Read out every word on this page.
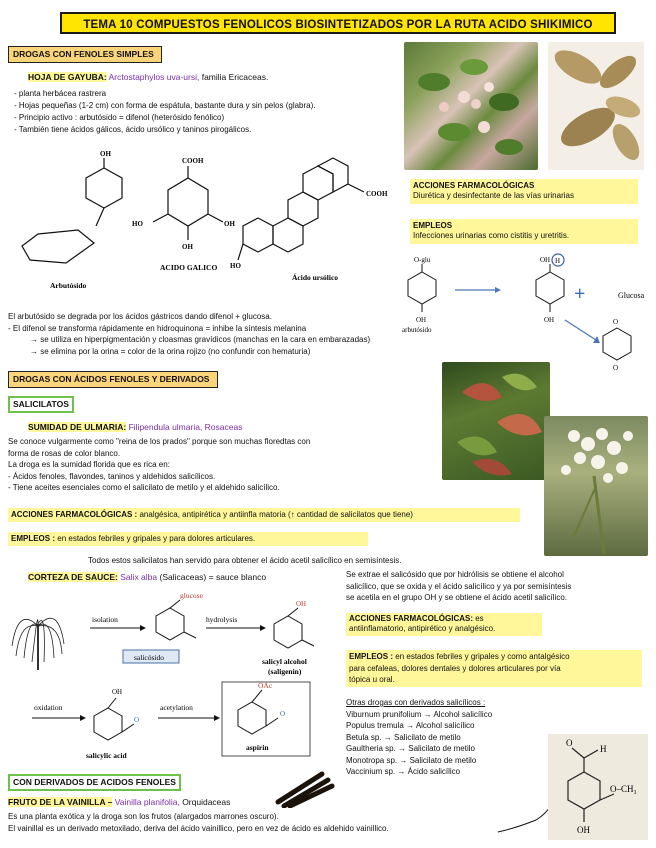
TEMA 10 COMPUESTOS FENOLICOS BIOSINTETIZADOS POR LA RUTA ACIDO SHIKIMICO
DROGAS CON FENOLES SIMPLES
HOJA DE GAYUBA: Arctostaphylos uva-ursi, familia Ericaceas.

- planta herbácea rastrera

- Hojas pequeñas (1-2 cm) con forma de espátula, bastante dura y sin pelos (glabra).

- Principio activo : arbutósido = difenol (heterósido fenólico)

- También tiene ácidos gálicos, ácido ursólico y taninos pirogálicos.

OH
COOH
HO	OH
OH
COOH
HO
Arbutósido
ACIDO GALICO
Ácido ursólico

ACCIONES FARMACOLÓGICAS

Diurética y desinfectante de las vías urinarias

EMPLEOS

Infecciones urinarias como cistitis y uretritis.

O-glu
OH
arbutósido
OH H
OH
+	Glucosa
O
O

El arbutósido se degrada por los ácidos gástricos dando difenol + glucosa.

- El difenol se transforma rápidamente en hidroquinona = inhibe la síntesis melanina

→ se utiliza en hiperpigmentación y cloasmas gravídicos (manchas en la cara en embarazadas)

→ se elimina por la orina = color de la orina rojizo (no confundir con hematuria)

DROGAS CON ÁCIDOS FENOLES Y DERIVADOS
SALICILATOS
SUMIDAD DE ULMARIA: Filipendula ulmaria, Rosaceas

Se conoce vulgarmente como "reina de los prados" porque son muchas floredtas con

forma de rosas de color blanco.

La droga es la sumidad florida que es rica en:

- Ácidos fenoles, flavondes, taninos y aldehidos salicílicos.

- Tiene aceites esenciales como el salicilato de metilo y el aldehido salicílico.

ACCIONES FARMACOLÓGICAS : analgésica, antipirética y antiinfla matoria (↑ cantidad de salicilatos que tiene)
EMPLEOS : en estados febriles y gripales y para dolores articulares.
Todos estos salicilatos han servido para obtener el ácido acetil salicílico en semisíntesis.
CORTEZA DE SAUCE: Salix alba (Salicaceas) = sauce blanco	Se extrae el salicósido que por hidrólisis se obtiene el alcohol

salicílico, que se oxida y el ácido salicílico y ya por semisíntesis

se acetila en el grupo OH y se obtiene el ácido acetil salicílico.

glucose
isolation	hydrolysis
salicósido
OH
salicyl alcohol
(saligenin)
oxidation	acetylation
OH
O
salicylic acid
OAc
O
aspirin

ACCIONES FARMACOLÓGICAS: es

antiinflamatorio, antipirético y analgésico.

EMPLEOS : en estados febriles y gripales y como antalgésico

para cefaleas, dolores dentales y dolores articulares por vía

tópica u oral.

Otras drogas con derivados salicílicos :

Viburnum prunifolium → Alcohol salicílico

Populus tremula → Alcohol salicílico

Betula sp. → Salicilato de metilo

Gaultheria sp. → Salicilato de metilo

Monotropa sp. → Salicilato de metilo

Vaccinium sp. → Ácido salicílico

CON DERIVADOS DE ACIDOS FENOLES
FRUTO DE LA VAINILLA – Vainilla planifolia, Orquidaceas

Es una planta exótica y la droga son los frutos (alargados marrones oscuro).

El vainillal es un derivado metoxilado, deriva del ácido vainillico, pero en vez de ácido es aldehido vainillico.

O
H
O–CH₃
OH
